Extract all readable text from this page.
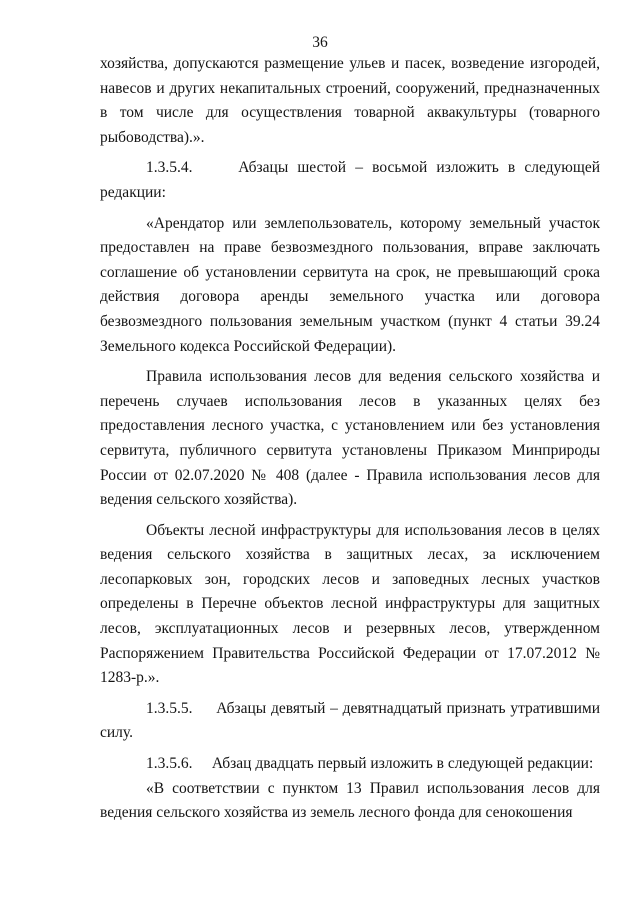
36

хозяйства, допускаются размещение ульев и пасек, возведение изгородей, навесов и других некапитальных строений, сооружений, предназначенных в том числе для осуществления товарной аквакультуры (товарного рыбоводства).».

1.3.5.4.     Абзацы шестой – восьмой изложить в следующей редакции:

«Арендатор или землепользователь, которому земельный участок предоставлен на праве безвозмездного пользования, вправе заключать соглашение об установлении сервитута на срок, не превышающий срока действия договора аренды земельного участка или договора безвозмездного пользования земельным участком (пункт 4 статьи 39.24 Земельного кодекса Российской Федерации).

Правила использования лесов для ведения сельского хозяйства и перечень случаев использования лесов в указанных целях без предоставления лесного участка, с установлением или без установления сервитута, публичного сервитута установлены Приказом Минприроды России от 02.07.2020 № 408 (далее - Правила использования лесов для ведения сельского хозяйства).

Объекты лесной инфраструктуры для использования лесов в целях ведения сельского хозяйства в защитных лесах, за исключением лесопарковых зон, городских лесов и заповедных лесных участков определены в Перечне объектов лесной инфраструктуры для защитных лесов, эксплуатационных лесов и резервных лесов, утвержденном Распоряжением Правительства Российской Федерации от 17.07.2012 № 1283-р.».

1.3.5.5.     Абзацы девятый – девятнадцатый признать утратившими силу.

1.3.5.6.     Абзац двадцать первый изложить в следующей редакции:

«В соответствии с пунктом 13 Правил использования лесов для ведения сельского хозяйства из земель лесного фонда для сенокошения
